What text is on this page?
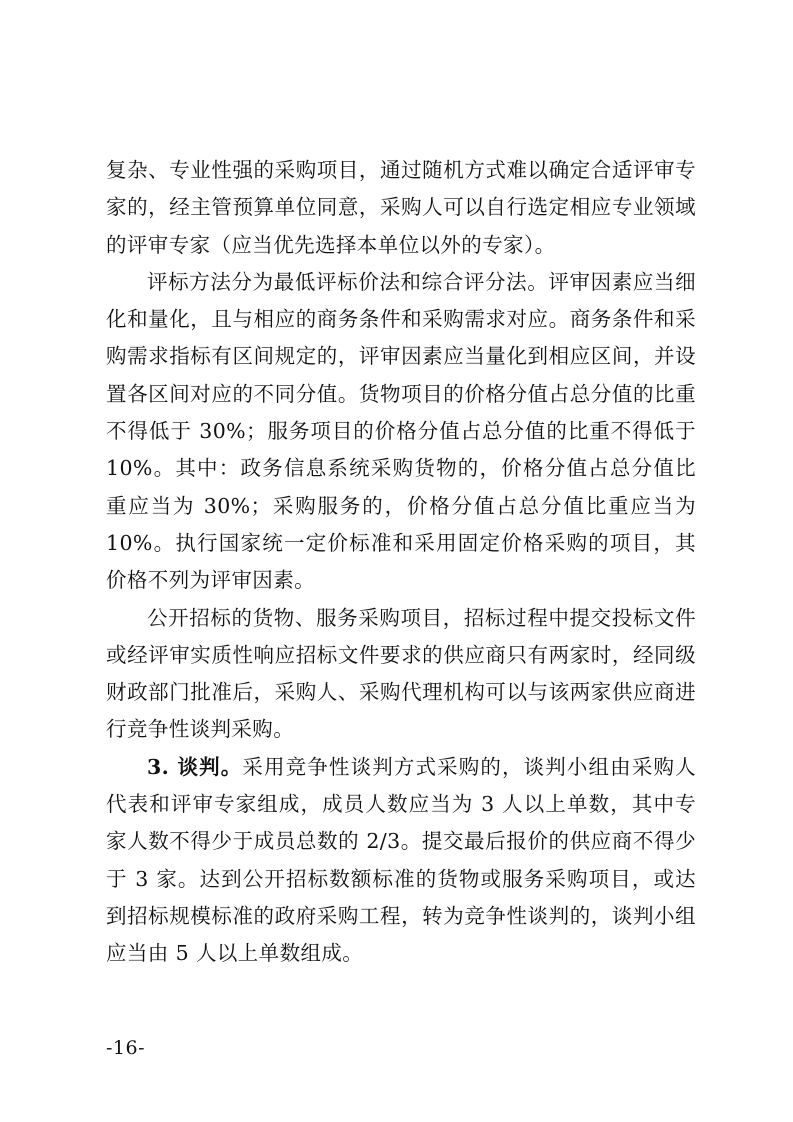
复杂、专业性强的采购项目，通过随机方式难以确定合适评审专家的，经主管预算单位同意，采购人可以自行选定相应专业领域的评审专家（应当优先选择本单位以外的专家）。

评标方法分为最低评标价法和综合评分法。评审因素应当细化和量化，且与相应的商务条件和采购需求对应。商务条件和采购需求指标有区间规定的，评审因素应当量化到相应区间，并设置各区间对应的不同分值。货物项目的价格分值占总分值的比重不得低于 30%；服务项目的价格分值占总分值的比重不得低于 10%。其中：政务信息系统采购货物的，价格分值占总分值比重应当为 30%；采购服务的，价格分值占总分值比重应当为 10%。执行国家统一定价标准和采用固定价格采购的项目，其价格不列为评审因素。

公开招标的货物、服务采购项目，招标过程中提交投标文件或经评审实质性响应招标文件要求的供应商只有两家时，经同级财政部门批准后，采购人、采购代理机构可以与该两家供应商进行竞争性谈判采购。

3. 谈判。采用竞争性谈判方式采购的，谈判小组由采购人代表和评审专家组成，成员人数应当为 3 人以上单数，其中专家人数不得少于成员总数的 2/3。提交最后报价的供应商不得少于 3 家。达到公开招标数额标准的货物或服务采购项目，或达到招标规模标准的政府采购工程，转为竞争性谈判的，谈判小组应当由 5 人以上单数组成。

-16-
